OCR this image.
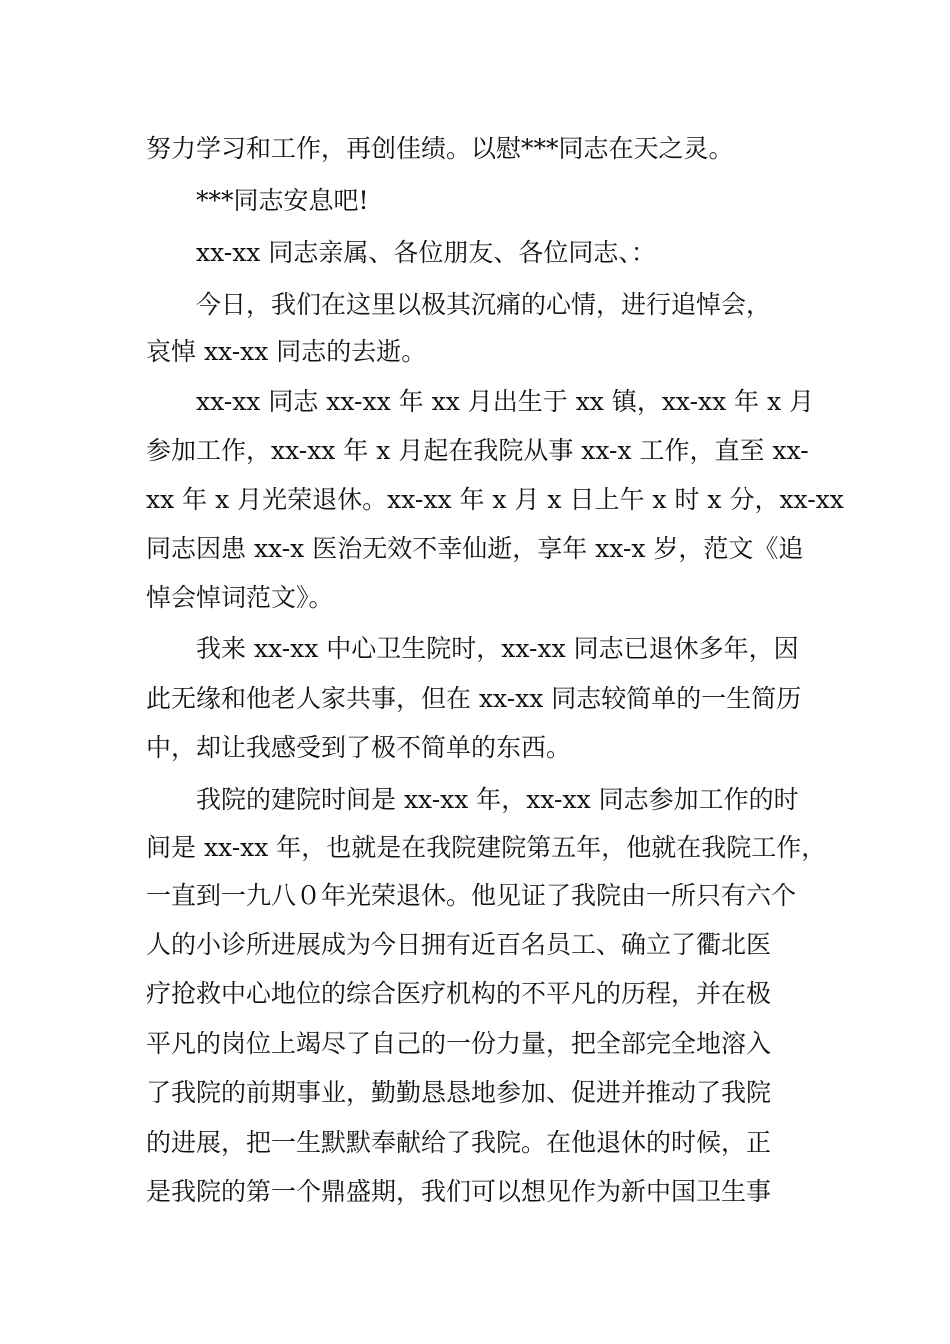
努力学习和工作，再创佳绩。以慰***同志在天之灵。
***同志安息吧!
xx-xx 同志亲属、各位朋友、各位同志、：
今日，我们在这里以极其沉痛的心情，进行追悼会，
哀悼 xx-xx 同志的去逝。
xx-xx 同志 xx-xx 年 xx 月出生于 xx 镇，xx-xx 年 x 月
参加工作，xx-xx 年 x 月起在我院从事 xx-x 工作，直至 xx-
xx 年 x 月光荣退休。xx-xx 年 x 月 x 日上午 x 时 x 分，xx-xx
同志因患 xx-x 医治无效不幸仙逝，享年 xx-x 岁，范文《追
悼会悼词范文》。
我来 xx-xx 中心卫生院时，xx-xx 同志已退休多年，因
此无缘和他老人家共事，但在 xx-xx 同志较简单的一生简历
中，却让我感受到了极不简单的东西。
我院的建院时间是 xx-xx 年，xx-xx 同志参加工作的时
间是 xx-xx 年，也就是在我院建院第五年，他就在我院工作，
一直到一九八０年光荣退休。他见证了我院由一所只有六个
人的小诊所进展成为今日拥有近百名员工、确立了衢北医
疗抢救中心地位的综合医疗机构的不平凡的历程，并在极
平凡的岗位上竭尽了自己的一份力量，把全部完全地溶入
了我院的前期事业，勤勤恳恳地参加、促进并推动了我院
的进展，把一生默默奉献给了我院。在他退休的时候，正
是我院的第一个鼎盛期，我们可以想见作为新中国卫生事
